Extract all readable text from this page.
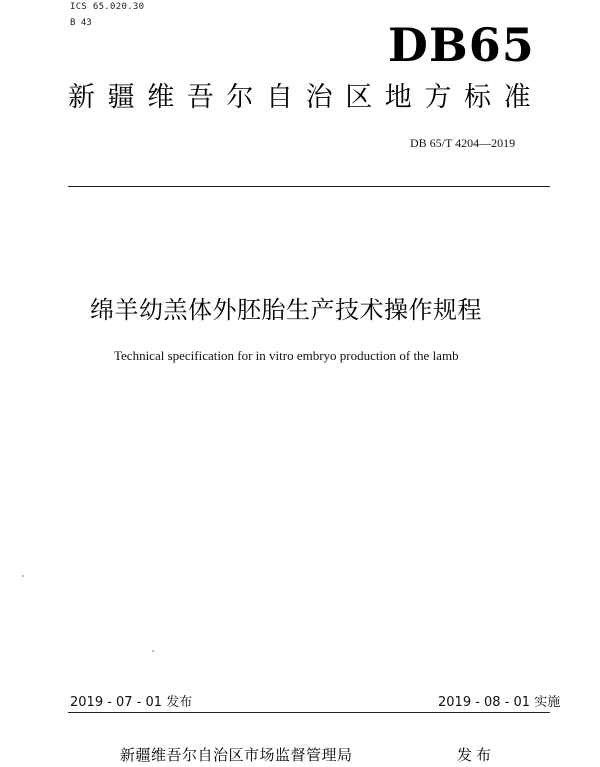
ICS 65.020.30
B 43	DB65
新疆维吾尔自治区地方标准
DB 65/T 4204—2019
绵羊幼羔体外胚胎生产技术操作规程
Technical specification for in vitro embryo production of the lamb
2019 - 07 - 01 发布	2019 - 08 - 01 实施
新疆维吾尔自治区市场监督管理局	发布
